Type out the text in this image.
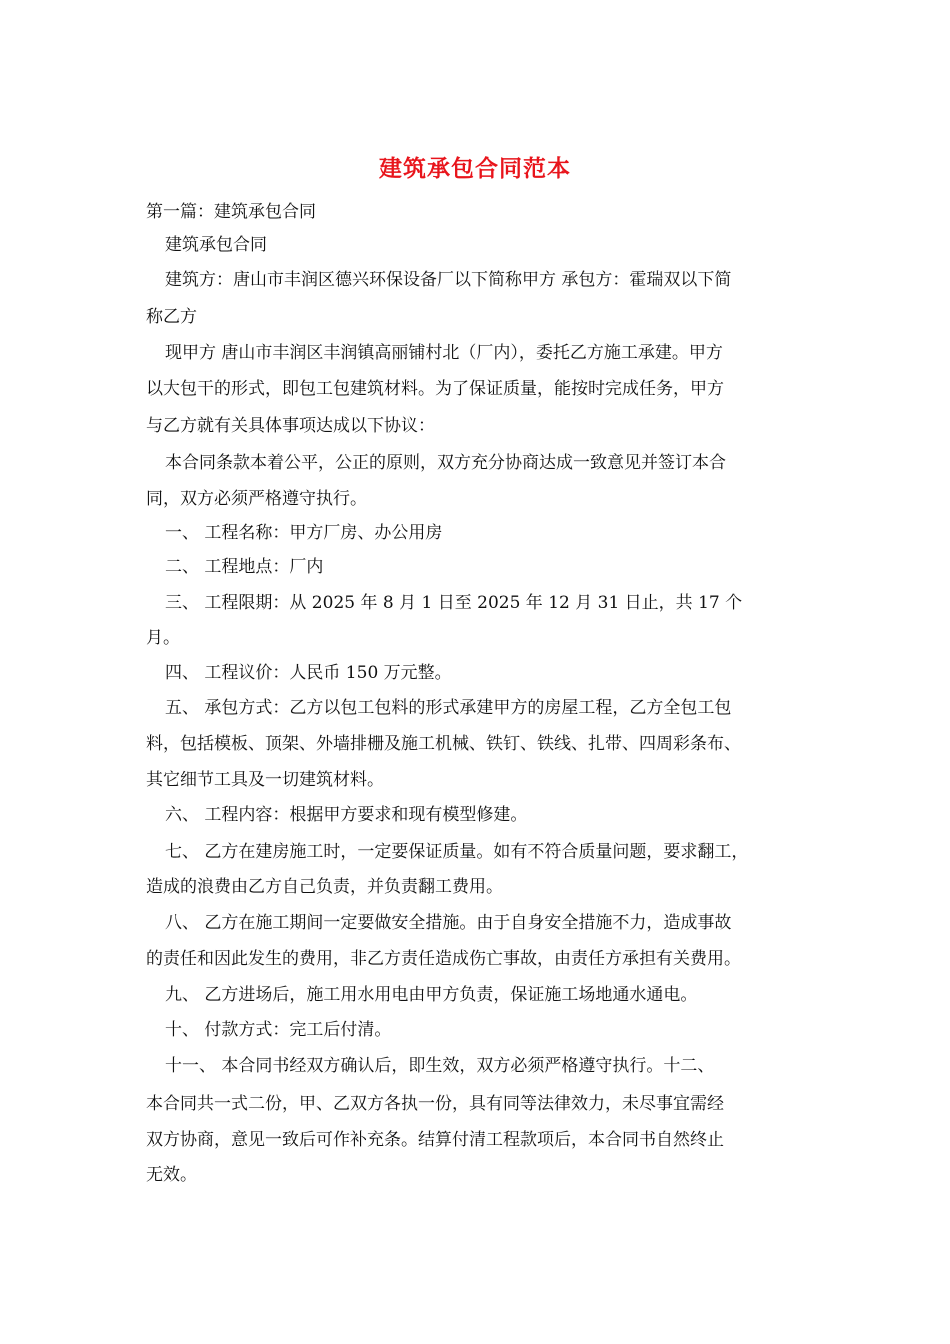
建筑承包合同范本
第一篇：建筑承包合同
建筑承包合同
建筑方：唐山市丰润区德兴环保设备厂以下简称甲方 承包方：霍瑞双以下简
称乙方
现甲方 唐山市丰润区丰润镇高丽铺村北（厂内），委托乙方施工承建。甲方
以大包干的形式，即包工包建筑材料。为了保证质量，能按时完成任务，甲方
与乙方就有关具体事项达成以下协议：
本合同条款本着公平，公正的原则，双方充分协商达成一致意见并签订本合
同，双方必须严格遵守执行。
一、 工程名称：甲方厂房、办公用房
二、 工程地点：厂内
三、 工程限期：从 2025 年 8 月 1 日至 2025 年 12 月 31 日止，共 17 个
月。
四、 工程议价：人民币 150 万元整。
五、 承包方式：乙方以包工包料的形式承建甲方的房屋工程，乙方全包工包
料，包括模板、顶架、外墙排栅及施工机械、铁钉、铁线、扎带、四周彩条布、
其它细节工具及一切建筑材料。
六、 工程内容：根据甲方要求和现有模型修建。
七、 乙方在建房施工时，一定要保证质量。如有不符合质量问题，要求翻工，
造成的浪费由乙方自己负责，并负责翻工费用。
八、 乙方在施工期间一定要做安全措施。由于自身安全措施不力，造成事故
的责任和因此发生的费用，非乙方责任造成伤亡事故，由责任方承担有关费用。
九、 乙方进场后，施工用水用电由甲方负责，保证施工场地通水通电。
十、 付款方式：完工后付清。
十一、 本合同书经双方确认后，即生效，双方必须严格遵守执行。十二、
本合同共一式二份，甲、乙双方各执一份，具有同等法律效力，未尽事宜需经
双方协商，意见一致后可作补充条。结算付清工程款项后，本合同书自然终止
无效。
